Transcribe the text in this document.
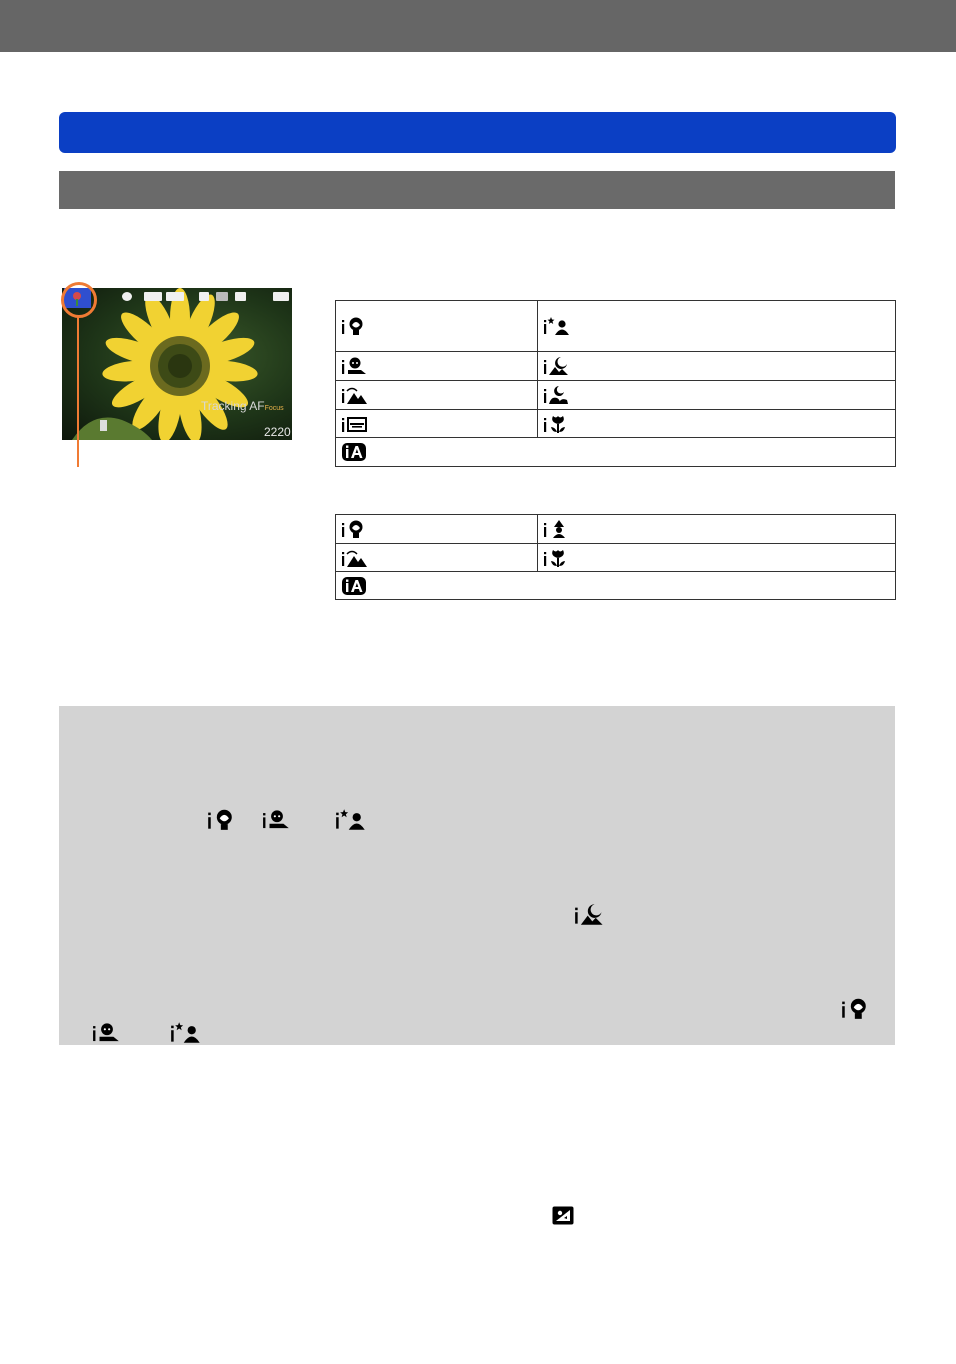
Tracking AFFocus
2220
